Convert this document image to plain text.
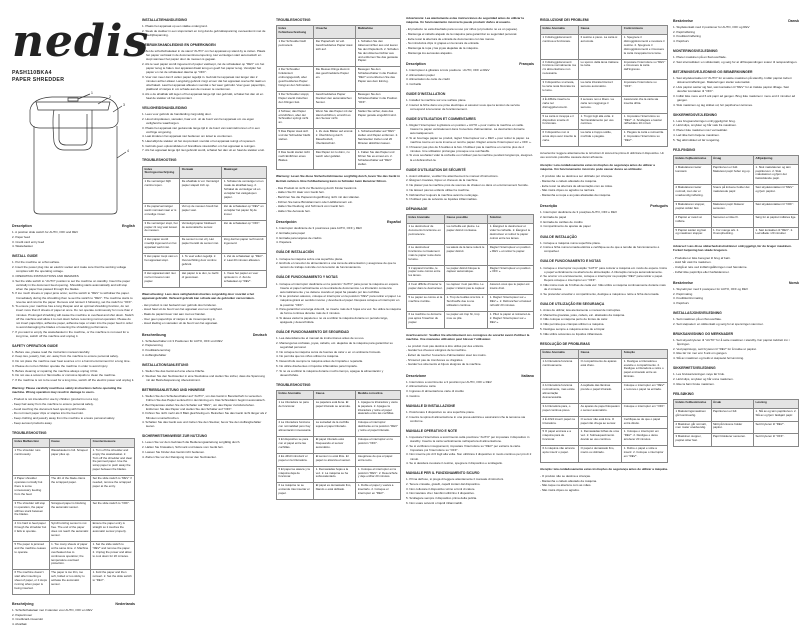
nedis
PASH110BKA4
PAPER SHREDDER
1
2
3
4
Description	English
1. A position slide switch for AUTO, OFF and REV
2. Paper feed
3. Credit card entry feed
4. Wastebasket
INSTALL GUIDE
1. Put the machine on a flat surface.
2. Insert the power plug into an electric socket and make sure that the working voltage complies with the operating voltage.
3. OPERATING INSTRUCTIONS AND REMARKS
4. Set the slide switch to "AUTO" position to set the machine on standby. Insert the paper vertically in the document feed opening. Shredding starts automatically and will stop when the paper has passed through the blades.
5. If too much sheets or paper jams occur, set the switch to "REV" to withdraw the paper. Immediately during the shredding then re-set the switch to "REV". The machine starts to reverse and returns the paper. Remove and reinsert it following, set the switch to "OFF".
6. To ensure your machine has a long lifespan and an optimal shredding function, do not insert more than 6 sheets of paper at once. Do not operate continuously for more than 2 minutes. Prolonged shredding will cause the machine to overheat and shut down. Switch off the machine and allow it to cool down before resuming normal operation. Please do not insert paperclips, adhesive paper, adhesive tape or stain into the paper feed in order to avoid damaging the blades or lowering the shredding performance.
7. If you want to empty the wastebasket in the machine, or the machine is not used for a long time, switch off the machine and unplug it.
SAFETY OPERATION GUIDE
1. Before use, please read the instruction manual carefully.
2. Keep ties, jewelry, hair, etc. away from the machine to ensure personal safety.
3. Do not place the machine near heat sources or in a humid environment for a long time.
4. Please do not let children operate the machine in order to avoid injury.
5. Before cleaning or repairing the machine always unplug it first.
6. Do not use a solvent or flammable or corrosive liquids to clean the machine.
7. If the machine is not to be used for a long time, switch off the electric power and unplug it.
Warning: Please carefully read these safety instructions before operating the machine. Wrong operation may result in damage to users.
- Product is not intended for use by children (product is not a toy).
- Keep hair away from the machine to ensure personal safety.
- Avoid touching the document feed opening with hands.
- Do not insert paper clips or staples into the feed slot.
- Keep clothing and jewelry away from the machine to ensure personal safety.
- Keep aerosol products away.
TROUBLESHOOTING
Index Malfunction	Cause	Countermeasure
1 The shredder runs continuously.	Wastebasket is full. Scraped paper piles up.	1. Turn off the shredder and empty the wastebasket. 2. Turn off the shredder and clear the jammed paper. Use the scrap paper to push away the paper between the blades.
2 Paper shredder operates normally but there is some unnecessary feeding from the feed.	The dirt of the blade clams the scrapped paper.	Set the slide switch to "REV" if needed, remove the scrapped paper at the entry.
3 The shredder will stop in operation, the paper still lies stuck between the blades.	Scrapped paper is blocking the automatic sensor.	Set the slide switch to "OFF".
4 It is hard to feed paper through the shredder but it fails to operate.	Synchronizing sensor is not free. The end of the paper does not reach the automatic sensor.	Ensure the paper entry is straight so it touches the automatic sensor properly.
5 The paper is jammed and the machine ceases to operate.	1. Too many sheets of paper at the same time. 2. Machine overheated due to continuous operation; the temperature overload protection.	1. Set the slide switch to "REV" and remove the paper. 2. Unplug the power and allow to cool down for 20 minutes.
6 The machine doesn't start after inserting a sheet of paper, or it stops running when paper is being inserted.	The paper is too thin, too soft, folded or too sticky to activate the automatic sensor.	1. Fold the paper and then reinsert. 2. Set the slide switch to "REV".
Beschrijving	Nederlands
1. Schuifschakelaar met 3 standen voor AUTO, OFF en REV
2. Papierinvoer
3. Creditcard-invoerslot
4. Afvalbak
INSTALLATIEHANDLEIDING
1. Plaats het apparaat op een vlakke ondergrond.
2. Steek de stekker in een stopcontact en zorg dat de gebruiksspanning overeenkomt met de bedrijfsspanning.
GEBRUIKSHANDLEIDING EN OPMERKINGEN
1. Zet de schuifschakelaar in de stand "AUTO" om het apparaat op stand-by te zetten. Plaats het papier verticaal in de documentinvoeropening. Het vernietigen start automatisch en stopt wanneer het papier door de messen is gegaan.
2. Als te veel papier wordt ingevoerd of papier vastloopt, zet de schakelaar op "REV" om het papier terug te halen. Het apparaat draait terug en geeft het papier terug. Verwijder het papier en zet de schakelaar daarna op "OFF".
3. Voer niet meer dan 6 vellen papier tegelijk in. Gebruik het apparaat niet langer dan 2 minuten achter elkaar. Langdurig gebruik zorgt ervoor dat het apparaat oververhit raakt en uitschakelt. Laat het apparaat afkoelen voordat u het weer gebruikt. Voer geen paperclips, plakband of nietjes in om schade aan de messen te voorkomen.
4. Als u de afvalbak wilt legen of het apparaat lange tijd niet gebruikt, schakel het dan uit en haal de stekker uit het stopcontact.
VEILIGHEIDSHANDLEIDING
1. Lees voor gebruik de handleiding zorgvuldig door.
2. Houd stropdassen, sieraden, haar enz. uit de buurt van het apparaat om uw eigen veiligheid te waarborgen.
3. Plaats het apparaat niet gedurende lange tijd in de buurt van warmtebronnen of in een vochtige omgeving.
4. Laat kinderen het apparaat niet bedienen om letsel te voorkomen.
5. Haal altijd de stekker uit het stopcontact voordat u het apparaat reinigt of repareert.
6. Gebruik geen oplosmiddelen of brandbare vloeistoffen om het apparaat te reinigen.
7. Als het apparaat lange tijd niet gebruikt wordt, schakel het dan uit en haal de stekker eruit.
TROUBLESHOOTING
Index Storingsomschrijving	Oorzaak	Maatregel
1 De vernietiger blijft continu lopen.	De afvalbak is vol. Vernietigd papier stapelt zich op.	1. Schakel de vernietiger uit en maak de afvalbak leeg. 2. Schakel de vernietiger uit en verwijder het vastgelopen papier.
2 De papiervernietiger werkt normaal maar er is onnodige invoer.	Vuil op de messen houdt het papier vast.	Zet de schakelaar op "REV" en verwijder het papier bij de invoer.
3 De vernietiger stopt, het papier zit nog vast tussen de messen.	Vernietigd papier blokkeert de automatische sensor.	Zet de schakelaar op "OFF".
4 Het papier wordt moeilijk ingevoerd en het apparaat werkt niet.	De sensor is niet vrij. Het papier bereikt de sensor niet.	Zorg dat het papier recht wordt ingevoerd.
5 Het papier loopt vast en het apparaat stopt.	1. Te veel vellen tegelijk. 2. Oververhitting door continu gebruik.	1. Zet de schakelaar op "REV". 2. Laat 20 minuten afkoelen.
6 Het apparaat start niet na het invoeren van papier.	Het papier is te dun, te zacht of gevouwen.	1. Vouw het papier en voer opnieuw in. 2. Zet de schakelaar op "REV".
Waarschuwing: Lees deze veiligheidsinstructies zorgvuldig door voordat u het apparaat gebruikt. Verkeerd gebruik kan schade aan de gebruiker veroorzaken.
- Het product is niet bedoeld voor gebruik door kinderen.
- Houd haar uit de buurt van het apparaat voor uw veiligheid.
- Raak de papierinvoer niet aan met uw handen.
- Voer geen paperclips of nietjes in de invoeropening in.
- Houd kleding en sieraden uit de buurt van het apparaat.
Beschreibung	Deutsch
1. Schiebeschalter mit 3 Positionen für AUTO, OFF und REV
2. Papiereinzug
3. Kreditkarteneinzug
4. Auffangbehälter
INSTALLATIONSANLEITUNG
1. Stellen Sie das Gerät auf eine ebene Fläche.
2. Stecken Sie den Netzstecker in eine Steckdose und stellen Sie sicher, dass die Spannung mit der Betriebsspannung übereinstimmt.
BETRIEBSANLEITUNG UND HINWEISE
1. Stellen Sie den Schiebeschalter auf "AUTO", um das Gerät in Bereitschaft zu versetzen. Führen Sie das Papier senkrecht in den Einzug ein. Das Schreddern beginnt automatisch.
2. Bei Papierstau stellen Sie den Schalter auf "REV", um das Papier zurückzuziehen. Entfernen Sie das Papier und stellen Sie den Schalter auf "OFF".
3. Führen Sie nicht mehr als 6 Blatt gleichzeitig ein. Betreiben Sie das Gerät nicht länger als 2 Minuten ununterbrochen.
4. Schalten Sie das Gerät aus und ziehen Sie den Stecker, bevor Sie den Auffangbehälter leeren.
SICHERHEITSHINWEISE ZUR NUTZUNG
1. Lesen Sie vor dem Gebrauch die Bedienungsanleitung sorgfältig durch.
2. Halten Sie Krawatten, Schmuck und Haare vom Gerät fern.
3. Lassen Sie Kinder das Gerät nicht bedienen.
4. Ziehen Sie vor der Reinigung immer den Netzstecker.
TROUBLESHOOTING
Index Fehlerbeschreibung	Ursache	Maßnahme
1 Der Schredder läuft permanent.	Der Papierkorb ist voll. Geschreddertes Papier staut sich auf.	1. Schalten Sie den Aktenvernichter aus und leeren Sie den Papierkorb. 2. Schalten Sie den Aktenvernichter aus und entfernen Sie das gestaute Papier.
2 Der Schredder funktioniert ordnungsgemäß, aber geschreddertes Papier hängt an den Schneiden.	Die Messer-Klinge klemmt das geschredderte Papier ein.	Bewegen Sie den Schiebeschalter in die Position "REV" und entfernen Sie das Papier aus dem Einzug.
3 Der Schredder stoppt, Papier steckt zwischen den Klingen fest.	Geschreddertes Papier blockiert den automatischen Sensor.	Bewegen Sie den Schiebeschalter in die Position "OFF".
4 Schwer, das Papier einzuführen, aber der Schredder springt nicht an.	Wenn Sie das Papier mit der Hand einführen, erreicht es den Sensor nicht.	Stellen Sie sicher, dass das Papier gerade eingeführt wird.
5 Das Papier staut sich und der Schredder bleibt stehen.	1. Zu viele Blätter auf einmal. 2. Überhitzung durch Dauerbetrieb; Überlastschutz.	1. Schiebeschalter auf "REV" stellen und Papier entfernen. 2. Netzstecker ziehen und 20 Minuten abkühlen lassen.
6 Das Gerät startet nicht nach Einführen eines Blattes.	Das Papier ist zu dünn, zu weich oder gefaltet.	1. Falten Sie das Papier und führen Sie es erneut ein. 2. Schiebeschalter auf "REV" stellen.
Warnung: Lesen Sie diese Sicherheitshinweise sorgfältig durch, bevor Sie das Gerät in Betrieb nehmen. Eine Fehlbedienung kann zu Schäden beim Benutzer führen.
- Das Produkt ist nicht zur Benutzung durch Kinder bestimmt.
- Halten Sie Ihr Haar vom Gerät fern.
- Berühren Sie die Papiereinzugsöffnung nicht mit den Händen.
- Führen Sie keine Büroklammern oder Heftklammern ein.
- Halten Sie Kleidung und Schmuck vom Gerät fern.
- Halten Sie Aerosole fern.
Descripción	Español
1. Interruptor deslizante de 3 posiciones para AUTO, OFF y REV
2. Entrada para papel
3. Entrada para tarjetas de crédito
4. Papelera
GUÍA DE INSTALACIÓN
1. Coloque la máquina sobre una superficie plana.
2. Enchufe el conector de alimentación a una toma de alimentación y asegúrese de que la tensión de trabajo coincide con la tensión de funcionamiento.
GUÍA DE FUNCIONAMIENTO Y NOTAS
1. Coloque el interruptor deslizante en la posición "AUTO" para poner la máquina en espera. Inserte el papel verticalmente en la entrada de documentos. La trituración comienza automáticamente y se detiene cuando el papel ha pasado por las cuchillas.
2. Si se producen atascos, coloque el interruptor en la posición "REV" para retirar el papel. La máquina girará en sentido inverso y devolverá el papel. Después coloque el interruptor en la posición "OFF".
3. Para garantizar una larga vida útil, no inserte más de 6 hojas a la vez. No utilice la máquina de forma continua durante más de 2 minutos.
4. Si desea vaciar la papelera o no va a utilizar la máquina durante un periodo largo, apáguela y desenchúfela.
GUÍA DE FUNCIONAMIENTO DE SEGURIDAD
1. Lea detenidamente el manual de instrucciones antes de su uso.
2. Mantenga las corbatas, joyas, cabello, etc. alejados de la máquina para garantizar su seguridad personal.
3. No coloque la máquina cerca de fuentes de calor o en un ambiente húmedo.
4. No permita que los niños utilicen la máquina.
5. Desenchufe siempre la máquina antes de limpiarla o repararla.
6. No utilice disolventes ni líquidos inflamables para limpiarla.
7. Si no va a utilizar la máquina durante mucho tiempo, apague la alimentación y desenchúfela.
TROUBLESHOOTING
Índice Anomalía	Causa	Medida correctiva
1 La trituradora no para de funcionar.	La papelera está llena. El papel triturado se acumula.	1. Apague la trituradora y vacíe la papelera. 2. Apague la trituradora y retire el papel atascado entre las cuchillas.
2 La trituradora funciona con normalidad pero hay alimentación innecesaria.	La suciedad de la cuchilla sujeta el papel triturado.	Coloque el interruptor deslizante en la posición "REV" y retire el papel triturado.
3 El dispositivo se para con el papel entre las cuchillas.	El papel triturado está bloqueando el sensor automático.	Coloque el interruptor en la posición "OFF".
4 Es difícil introducir el papel en la trituradora.	El sensor no está libre. El papel no alcanza el sensor.	Asegúrese de que el papel entra recto.
5 El papel se atasca y la máquina deja de funcionar.	1. Demasiadas hojas a la vez. 2. La máquina se ha sobrecalentado.	1. Coloque el interruptor en la posición "REV". 2. Desenchufe y deje enfriar 20 minutos.
6 La máquina no se enciende tras insertar el papel.	El papel es demasiado fino, blando o está doblado.	1. Doble el papel y vuelva a insertarlo. 2. Coloque el interruptor en "REV".
Advertencia: Lea atentamente estas instrucciones de seguridad antes de utilizar la máquina. Un funcionamiento incorrecto puede producir daños al usuario.
- El producto no está diseñado para su uso por niños (el producto no es un juguete).
- Mantenga el cabello alejado de la máquina para garantizar su seguridad personal.
- Evite tocar la abertura de entrada de documentos con las manos.
- No introduzca clips ni grapas en la ranura de entrada.
- Mantenga la ropa y las joyas alejadas de la máquina.
- Mantenga los aerosoles alejados.
Description	Français
1. Interrupteur à glissière à trois positions : AUTO, OFF et REV
2. Alimentation papier
3. Alimentation de carte de crédit
4. Corbeille
GUIDE D'INSTALLATION
1. Installez la machine sur une surface plane.
2. Insérez la fiche dans une prise électrique et assurez-vous que la tension de service correspond à la tension de fonctionnement.
GUIDE D'UTILISATION ET COMMENTAIRES
1. Réglez l'interrupteur à glissière en position « AUTO » pour mettre la machine en veille. Insérez le papier verticalement dans l'ouverture d'alimentation. La destruction démarre automatiquement.
2. Si un bourrage papier se produit, réglez l'interrupteur sur « REV » pour retirer le papier. La machine tourne en sens inverse et rend le papier. Réglez ensuite l'interrupteur sur « OFF ».
3. N'insérez pas plus de 6 feuilles à la fois. N'utilisez pas la machine en continu plus de 2 minutes. Une utilisation prolongée provoque une surchauffe.
4. Si vous souhaitez vider la corbeille ou n'utilisez pas la machine pendant longtemps, éteignez-la et débranchez-la.
GUIDE D'UTILISATION DE SÉCURITÉ
1. Avant utilisation, veuillez lire attentivement le manuel d'instructions.
2. Éloignez cravates, bijoux et cheveux de la machine.
3. Ne placez pas la machine près de sources de chaleur ou dans un environnement humide.
4. Ne laissez pas les enfants utiliser la machine.
5. Débranchez toujours la machine avant le nettoyage.
6. N'utilisez pas de solvants ou liquides inflammables.
DÉPANNAGE
Index Anomalie	Cause possible	Solution
1 Le destructeur de documents fonctionne en permanence.	La corbeille est pleine. Le papier détruit s'entasse.	1. Éteignez le destructeur et videz la corbeille. 2. Éteignez le destructeur et retirez le papier coincé entre les lames.
2 Le destructeur fonctionne normalement mais le papier reste dans la lame.	La saleté de la lame retient le papier détruit.	Réglez l'interrupteur en position « REV » et retirez le papier.
3 L'appareil s'arrête, le papier reste coincé entre les lames.	Le papier détruit bloque le capteur automatique.	Réglez l'interrupteur en position « OFF ».
4 Il est difficile d'insérer le papier dans le destructeur.	Le capteur n'est pas libre. Le papier n'atteint pas le capteur.	Assurez-vous que le papier est inséré droit.
5 Le papier se coince et la machine s'arrête.	1. Trop de feuilles à la fois. 2. Surchauffe due à une utilisation continue.	1. Réglez l'interrupteur sur « REV ». 2. Débranchez et laissez refroidir 20 minutes.
6 La machine ne démarre pas après l'insertion du papier.	Le papier est trop fin, trop mou ou plié.	1. Pliez le papier et réinsérez-le. 2. Réglez l'interrupteur sur « REV ».
Avertissement : Veuillez lire attentivement ces consignes de sécurité avant d'utiliser la machine. Une mauvaise utilisation peut blesser l'utilisateur.
- Le produit n'est pas destiné à être utilisé par des enfants.
- Gardez les cheveux éloignés de la machine.
- Évitez de toucher l'ouverture d'alimentation avec les mains.
- N'insérez pas de trombones ou d'agrafes.
- Gardez les vêtements et bijoux éloignés de la machine.
Descrizione	Italiano
1. Interruttore a scorrimento a 3 posizioni per AUTO, OFF e REV
2. Alimentazione carta
3. Ingresso di alimentazione carte di credito
4. Cestino
MANUALE DI INSTALLAZIONE
1. Posizionare il dispositivo su una superficie piana.
2. Inserire la spina di alimentazione in una presa elettrica e assicurarsi che la tensione sia conforme.
MANUALE OPERATIVO E NOTE
1. Impostare l'interruttore a scorrimento sulla posizione "AUTO" per impostare il dispositivo in standby. Inserire la carta verticalmente nell'apertura di alimentazione.
2. Se si verificano inceppamenti, impostare l'interruttore su "REV" per estrarre la carta. Impostare poi l'interruttore su "OFF".
3. Non inserire più di 6 fogli alla volta. Non utilizzare il dispositivo in modo continuo per più di 2 minuti.
4. Se si desidera svuotare il cestino, spegnere il dispositivo e scollegarlo.
MANUALE PER IL FUNZIONAMENTO SICURO
1. Prima dell'uso, si prega di leggere attentamente il manuale di istruzioni.
2. Tenere cravatte, gioielli, capelli lontani dal dispositivo.
3. Non collocare il dispositivo vicino a fonti di calore.
4. Non lasciare che i bambini utilizzino il dispositivo.
5. Scollegare sempre il dispositivo prima della pulizia.
6. Non usare solventi o liquidi infiammabili.
RISOLUZIONE DEI PROBLEMI
Indice Anomalia	Causa	Contromisura
1 Il distruggidocumenti continua a funzionare.	Il cestino è pieno. La carta si accumula.	1. Spegnere il distruggidocumenti e svuotare il cestino. 2. Spegnere il distruggidocumenti e rimuovere la carta inceppata tra le lame.
2 Il distruggidocumenti funziona normalmente ma c'è alimentazione non necessaria.	Lo sporco della lama trattiene la carta.	Impostare l'interruttore su "REV" e rimuovere la carta dall'ingresso.
3 Il dispositivo si arresta, la carta resta bloccata tra le lame.	La carta triturata blocca il sensore automatico.	Impostare l'interruttore su "OFF".
4 È difficile inserire la carta nel distruggidocumenti.	Il sensore non è libero. La carta non raggiunge il sensore.	Assicurarsi che la carta sia inserita dritta.
5 La carta si inceppa e il dispositivo smette di funzionare.	1. Troppi fogli alla volta. 2. Surriscaldamento per uso continuo.	1. Impostare l'interruttore su "REV". 2. Scollegare e lasciar raffreddare 20 minuti.
6 Il dispositivo non si avvia dopo aver inserito la carta.	La carta è troppo sottile, morbida o piegata.	1. Piegare la carta e reinserirla. 2. Impostare l'interruttore su "REV".
Avvertenza: leggere attentamente le istruzioni di sicurezza prima di utilizzare il dispositivo. Un uso scorretto potrebbe causare danni all'utente.
Atenção: Leia cuidadosamente estas instruções de segurança antes de utilizar a máquina. Um funcionamento incorreto pode causar danos ao utilizador.
- O produto não se destina a ser utilizado por crianças.
- Mantenha o cabelo afastado da máquina.
- Evite tocar na abertura de alimentação com as mãos.
- Não insira clipes ou agrafos na ranhura.
- Mantenha a roupa e as joias afastadas da máquina.
Descrição	Português
1. Interruptor deslizante de 3 posições AUTO, OFF e REV
2. Entrada de papel
3. Entrada de cartões de crédito
4. Compartimento de aparas de papel
GUIA DE INSTALAÇÃO
1. Coloque a máquina numa superfície plana.
2. Insira a ficha numa tomada elétrica e certifique-se de que a tensão de funcionamento é compatível.
GUIA DE FUNCIONAMENTO E NOTAS
1. Coloque o interruptor na posição "AUTO" para colocar a máquina em modo de espera. Insira o papel verticalmente na abertura de alimentação. A trituração começa automaticamente.
2. Se ocorrer um encravamento, coloque o interruptor na posição "REV" para retirar o papel. Depois coloque o interruptor em "OFF".
3. Não insira mais de 6 folhas de cada vez. Não utilize a máquina continuamente durante mais de 2 minutos.
4. Se pretender esvaziar o compartimento, desligue a máquina e retire a ficha da tomada.
GUIA DE UTILIZAÇÃO EM SEGURANÇA
1. Antes de utilizar, leia atentamente o manual de instruções.
2. Mantenha gravatas, joias, cabelo, etc. afastados da máquina.
3. Não coloque a máquina perto de fontes de calor.
4. Não permita que crianças utilizem a máquina.
5. Desligue sempre a máquina antes de a limpar.
6. Não utilize solventes ou líquidos inflamáveis.
RESOLUÇÃO DE PROBLEMAS
Índice Anomalia	Causa	Solução
1 A trituradora funciona continuamente.	O compartimento de aparas está cheio.	1. Desligue a trituradora e esvazie o compartimento. 2. Desligue a trituradora e retire o papel encravado entre as lâminas.
2 A trituradora funciona normalmente, mas existe alimentação desnecessária.	A sujidade das lâminas prende o papel triturado.	Coloque o interruptor em "REV" e remova o papel na entrada.
3 A trituradora para, o papel continua preso.	As aparas de papel bloqueiam o sensor automático.	Coloque o interruptor em "OFF".
4 É difícil inserir papel na trituradora.	O sensor não está livre. O papel não chega ao sensor.	Certifique-se de que o papel entra direito.
5 O papel encrava e a máquina para de funcionar.	1. Demasiadas folhas de uma vez. 2. Sobreaquecimento devido ao uso contínuo.	1. Coloque o interruptor em "REV". 2. Desligue e deixe arrefecer 20 minutos.
6 A máquina não arranca após inserir o papel.	O papel é demasiado fino, macio ou dobrado.	1. Dobre o papel e volte a inserir. 2. Coloque o interruptor em "REV".
Atenção: leia cuidadosamente estas instruções de segurança antes de utilizar a máquina.
- O produto não se destina a crianças.
- Mantenha o cabelo afastado da máquina.
- Não toque na abertura com as mãos.
- Não insira clipes ou agrafos.
Beskrivelse	Dansk
1. Skydekontakt med 3 positioner for AUTO, OFF og REV
2. Papirindføring
3. Kreditkortindføring
4. Papirkurv
MONTERINGSVEJLEDNING
1. Placer maskinen på en flad overflade.
2. Sæt strømstikket i en stikkontakt, og sørg for at driftsspændingen svarer til netspændingen.
BETJENINGSVEJLEDNING OG BEMÆRKNINGER
1. Sæt skydekontakten til "AUTO" for at sætte maskinen på standby. Indfør papiret lodret i dokumentindføringen. Makuleringen starter automatisk.
2. Hvis papiret sætter sig fast, sæt kontakten til "REV" for at trække papiret tilbage. Sæt derefter kontakten til "OFF".
3. Indfør ikke mere end 6 ark papir ad gangen. Brug ikke maskinen i mere end 2 minutter ad gangen.
4. Sluk maskinen og tag stikket ud, før papirkurven tømmes.
SIKKERHEDSVEJLEDNING
1. Læs brugsanvisningen omhyggeligt før brug.
2. Hold slips, smykker og hår væk fra maskinen.
3. Placer ikke maskinen nær varmekilder.
4. Lad ikke børn betjene maskinen.
5. Tag altid stikket ud før rengøring.
FEJLFINDING
Indeks Fejlbeskrivelse	Årsag	Afhjælpning
1 Makulatoren kører konstant.	Papirkurven er fuld. Makuleret papir hober sig op.	1. Sluk makulatoren og tøm papirkurven. 2. Sluk makulatoren og fjern det fastsiddende papir.
2 Makulatoren kører normalt, men der er unødvendig indføring.	Snavs på knivene holder det makulerede papir.	Sæt skydekontakten til "REV" og fjern papiret.
3 Makulatoren stopper, papiret sidder fast.	Makuleret papir blokerer sensoren.	Sæt skydekontakten til "OFF".
4 Papiret er svært at indføre.	Sensoren er ikke fri.	Sørg for at papiret indføres lige.
5 Papiret sætter sig fast og maskinen stopper.	1. For mange ark. 2. Overophedning.	1. Sæt kontakten til "REV". 2. Lad afkøle i 20 minutter.
Advarsel: Læs disse sikkerhedsinstruktioner omhyggeligt, før du bruger maskinen. Forkert betjening kan skade brugeren.
- Produktet er ikke beregnet til brug af børn.
- Hold hår væk fra maskinen.
- Undgå at røre ved indføringsåbningen med hænderne.
- Indfør ikke papirclips eller hæfteklammer.
Beskrivelse	Norsk
1. Skyvebryter med 3 posisjoner for AUTO, OFF og REV
2. Papirmating
3. Kredittkortinnmating
4. Papirkurv
INSTALLASJONSVEILEDNING
1. Sett maskinen på en flat overflate.
2. Sett støpselet i en stikkontakt og sørg for at spenningen stemmer.
BRUKSANVISNING OG MERKNADER
1. Sett skyvebryteren til "AUTO" for å sette maskinen i standby. Før papiret loddrett inn i åpningen.
2. Ved papirstopp, sett bryteren til "REV" for å trekke ut papiret.
3. Ikke før inn mer enn 6 ark om gangen.
4. Slå av maskinen og trekk ut støpselet før tømming.
SIKKERHETSVEILEDNING
1. Les bruksanvisningen nøye før bruk.
2. Hold slips, smykker og hår unna maskinen.
3. Ikke la barn bruke maskinen.
FEILSØKING
Indeks Feilbeskrivelse	Årsak	Løsning
1 Makuleringsmaskinen går kontinuerlig.	Papirkurven er full.	1. Slå av og tøm papirkurven. 2. Slå av og fjern fastkjørt papir.
2 Maskinen går normalt, men mater unødvendig.	Skitt på knivene holder papiret.	Sett bryteren til "REV".
3 Maskinen stopper, papiret sitter fast.	Papir blokkerer sensoren.	Sett bryteren til "OFF".
